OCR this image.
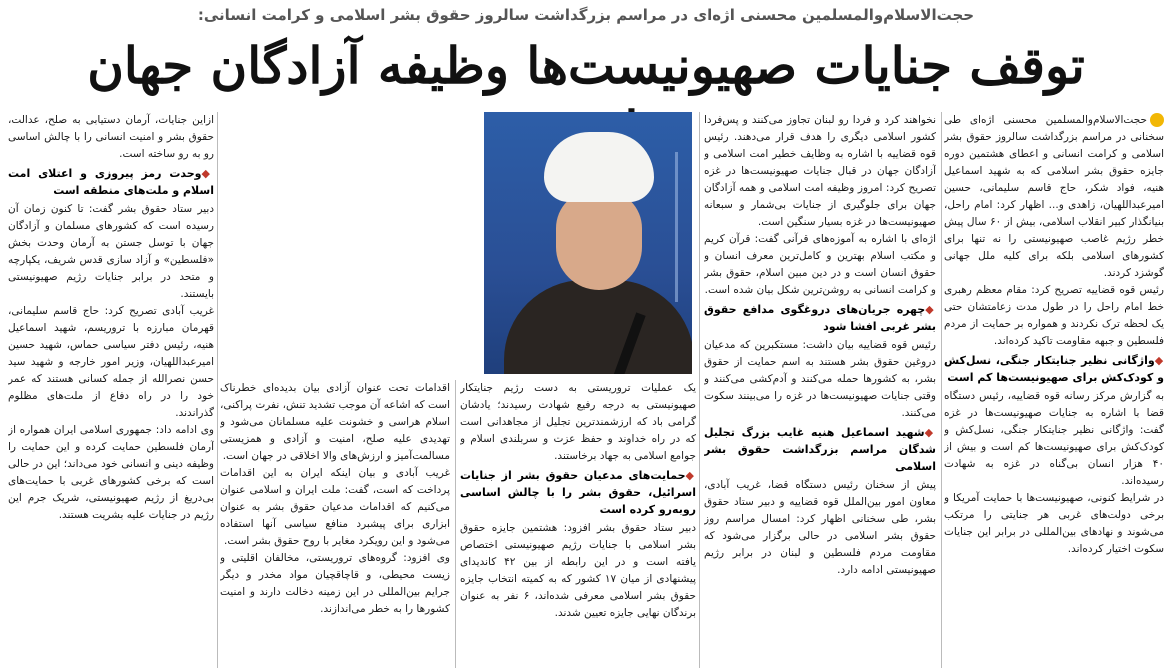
حجت‌الاسلام‌والمسلمین محسنی اژه‌ای در مراسم بزرگداشت سالروز حقوق بشر اسلامی و کرامت انسانی:
توقف جنایات صهیونیست‌ها وظیفه آزادگان جهان

حجت‌الاسلام‌والمسلمین محسنی اژه‌ای طی سخنانی در مراسم بزرگداشت سالروز حقوق بشر اسلامی و کرامت انسانی و اعطای هشتمین دوره جایزه حقوق بشر اسلامی که به شهید اسماعیل هنیه، فواد شکر، حاج قاسم سلیمانی، حسین امیرعبداللهیان، زاهدی و... اظهار کرد: امام راحل، بنیانگذار کبیر انقلاب اسلامی، بیش از ۶۰ سال پیش خطر رژیم غاصب صهیونیستی را نه تنها برای کشورهای اسلامی بلکه برای کلیه ملل جهانی گوشزد کردند.

رئیس قوه قضاییه تصریح کرد: مقام معظم رهبری خط امام راحل را در طول مدت زعامتشان حتی یک لحظه ترک نکردند و همواره بر حمایت از مردم فلسطین و جبهه مقاومت تاکید کرده‌اند.

◆ واژگانی نظیر جنایتکار جنگی، نسل‌کش و کودک‌کش برای صهیونیست‌ها کم است

به گزارش مرکز رسانه قوه قضاییه، رئیس دستگاه قضا با اشاره به جنایات صهیونیست‌ها در غزه گفت: واژگانی نظیر جنایتکار جنگی، نسل‌کش و کودک‌کش برای صهیونیست‌ها کم است و بیش از ۴۰ هزار انسان بی‌گناه در غزه به شهادت رسیده‌اند.

در شرایط کنونی، صهیونیست‌ها با حمایت آمریکا و برخی دولت‌های غربی هر جنایتی را مرتکب می‌شوند و نهادهای بین‌المللی در برابر این جنایات سکوت اختیار کرده‌اند.

نخواهند کرد و فردا رو لبنان تجاوز می‌کنند و پس‌فردا کشور اسلامی دیگری را هدف قرار می‌دهند. رئیس قوه قضاییه با اشاره به وظایف خطیر امت اسلامی و آزادگان جهان در قبال جنایات صهیونیست‌ها در غزه تصریح کرد: امروز وظیفه امت اسلامی و همه آزادگان جهان برای جلوگیری از جنایات بی‌شمار و سبعانه صهیونیست‌ها در غزه بسیار سنگین است.

اژه‌ای با اشاره به آموزه‌های قرآنی گفت: قرآن کریم و مکتب اسلام بهترین و کامل‌ترین معرف انسان و حقوق انسان است و در دین مبین اسلام، حقوق بشر و کرامت انسانی به روشن‌ترین شکل بیان شده است.

◆ چهره جریان‌های دروغگوی مدافع حقوق بشر غربی افشا شود

رئیس قوه قضاییه بیان داشت: مستکبرین که مدعیان دروغین حقوق بشر هستند به اسم حمایت از حقوق بشر، به کشورها حمله می‌کنند و آدم‌کشی می‌کنند و وقتی جنایات صهیونیست‌ها در غزه را می‌بینند سکوت می‌کنند.

◆ شهید اسماعیل هنیه غایب بزرگ تجلیل شدگان مراسم بزرگداشت حقوق بشر اسلامی

پیش از سخنان رئیس دستگاه قضا، غریب آبادی، معاون امور بین‌الملل قوه قضاییه و دبیر ستاد حقوق بشر، طی سخنانی اظهار کرد: امسال مراسم روز حقوق بشر اسلامی در حالی برگزار می‌شود که مقاومت مردم فلسطین و لبنان در برابر رژیم صهیونیستی ادامه دارد.

یک عملیات تروریستی به دست رژیم جنایتکار صهیونیستی به درجه رفیع شهادت رسیدند؛ یادشان گرامی باد که ارزشمندترین تجلیل از مجاهدانی است که در راه خداوند و حفظ عزت و سربلندی اسلام و جوامع اسلامی به جهاد برخاستند.

◆ حمایت‌های مدعیان حقوق بشر از جنایات اسرائیل، حقوق بشر را با چالش اساسی روبه‌رو کرده است

دبیر ستاد حقوق بشر افزود: هشتمین جایزه حقوق بشر اسلامی با جنایات رژیم صهیونیستی اختصاص یافته است و در این رابطه از بین ۴۲ کاندیدای پیشنهادی از میان ۱۷ کشور که به کمیته انتخاب جایزه حقوق بشر اسلامی معرفی شده‌اند، ۶ نفر به عنوان برندگان نهایی جایزه تعیین شدند.

اقدامات تحت عنوان آزادی بیان بدیده‌ای خطرناک است که اشاعه آن موجب تشدید تنش، نفرت پراکنی، اسلام هراسی و خشونت علیه مسلمانان می‌شود و تهدیدی علیه صلح، امنیت و آزادی و همزیستی مسالمت‌آمیز و ارزش‌های والا اخلاقی در جهان است.

غریب آبادی و بیان اینکه ایران به این اقدامات پرداخت که است، گفت: ملت ایران و اسلامی عنوان می‌کنیم که اقدامات مدعیان حقوق بشر به عنوان ابزاری برای پیشبرد منافع سیاسی آنها استفاده می‌شود و این رویکرد مغایر با روح حقوق بشر است.

وی افزود: گروه‌های تروریستی، مخالفان اقلیتی و زیست محیطی، و قاچاقچیان مواد مخدر و دیگر جرایم بین‌المللی در این زمینه دخالت دارند و امنیت کشورها را به خطر می‌اندازند.

ازاین جنایات، آرمان دستیابی به صلح، عدالت، حقوق بشر و امنیت انسانی را با چالش اساسی رو به رو ساخته است.

◆ وحدت رمز پیروزی و اعتلای امت اسلام و ملت‌های منطقه است

دبیر ستاد حقوق بشر گفت: تا کنون زمان آن رسیده است که کشورهای مسلمان و آزادگان جهان با توسل جستن به آرمان وحدت بخش «فلسطین» و آزاد سازی قدس شریف، یکپارچه و متحد در برابر جنایات رژیم صهیونیستی بایستند.

غریب آبادی تصریح کرد: حاج قاسم سلیمانی، قهرمان مبارزه با تروریسم، شهید اسماعیل هنیه، رئیس دفتر سیاسی حماس، شهید حسین امیرعبداللهیان، وزیر امور خارجه و شهید سید حسن نصرالله از جمله کسانی هستند که عمر خود را در راه دفاع از ملت‌های مظلوم گذراندند.

وی ادامه داد: جمهوری اسلامی ایران همواره از آرمان فلسطین حمایت کرده و این حمایت را وظیفه دینی و انسانی خود می‌داند؛ این در حالی است که برخی کشورهای غربی با حمایت‌های بی‌دریغ از رژیم صهیونیستی، شریک جرم این رژیم در جنایات علیه بشریت هستند.
